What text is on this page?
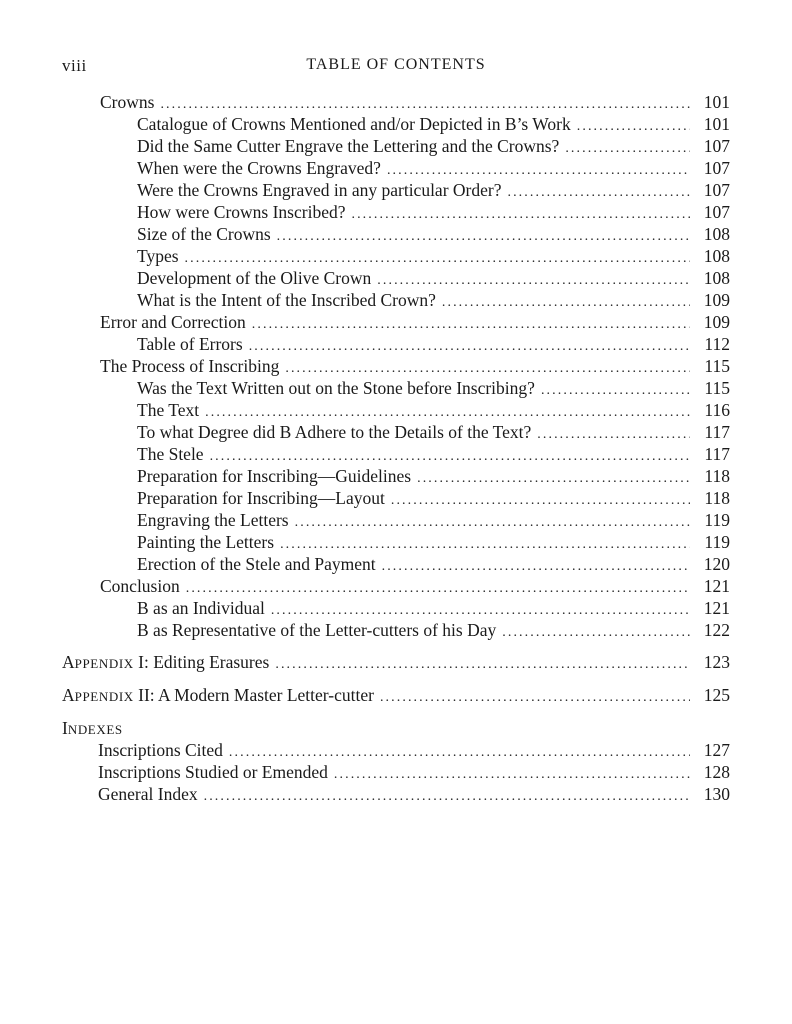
viii	TABLE OF CONTENTS
Crowns . . .	101
Catalogue of Crowns Mentioned and/or Depicted in B’s Work . . .	101
Did the Same Cutter Engrave the Lettering and the Crowns? . . .	107
When were the Crowns Engraved? . . .	107
Were the Crowns Engraved in any particular Order? . . .	107
How were Crowns Inscribed? . . .	107
Size of the Crowns . . .	108
Types . . .	108
Development of the Olive Crown . . .	108
What is the Intent of the Inscribed Crown? . . .	109
Error and Correction . . .	109
Table of Errors . . .	112
The Process of Inscribing . . .	115
Was the Text Written out on the Stone before Inscribing? . . .	115
The Text . . .	116
To what Degree did B Adhere to the Details of the Text? . . .	117
The Stele . . .	117
Preparation for Inscribing—Guidelines . . .	118
Preparation for Inscribing—Layout . . .	118
Engraving the Letters . . .	119
Painting the Letters . . .	119
Erection of the Stele and Payment . . .	120
Conclusion . . .	121
B as an Individual . . .	121
B as Representative of the Letter-cutters of his Day . . .	122
APPENDIX I: Editing Erasures . . .	123
APPENDIX II: A Modern Master Letter-cutter . . .	125
INDEXES
Inscriptions Cited . . .	127
Inscriptions Studied or Emended . . .	128
General Index . . .	130
